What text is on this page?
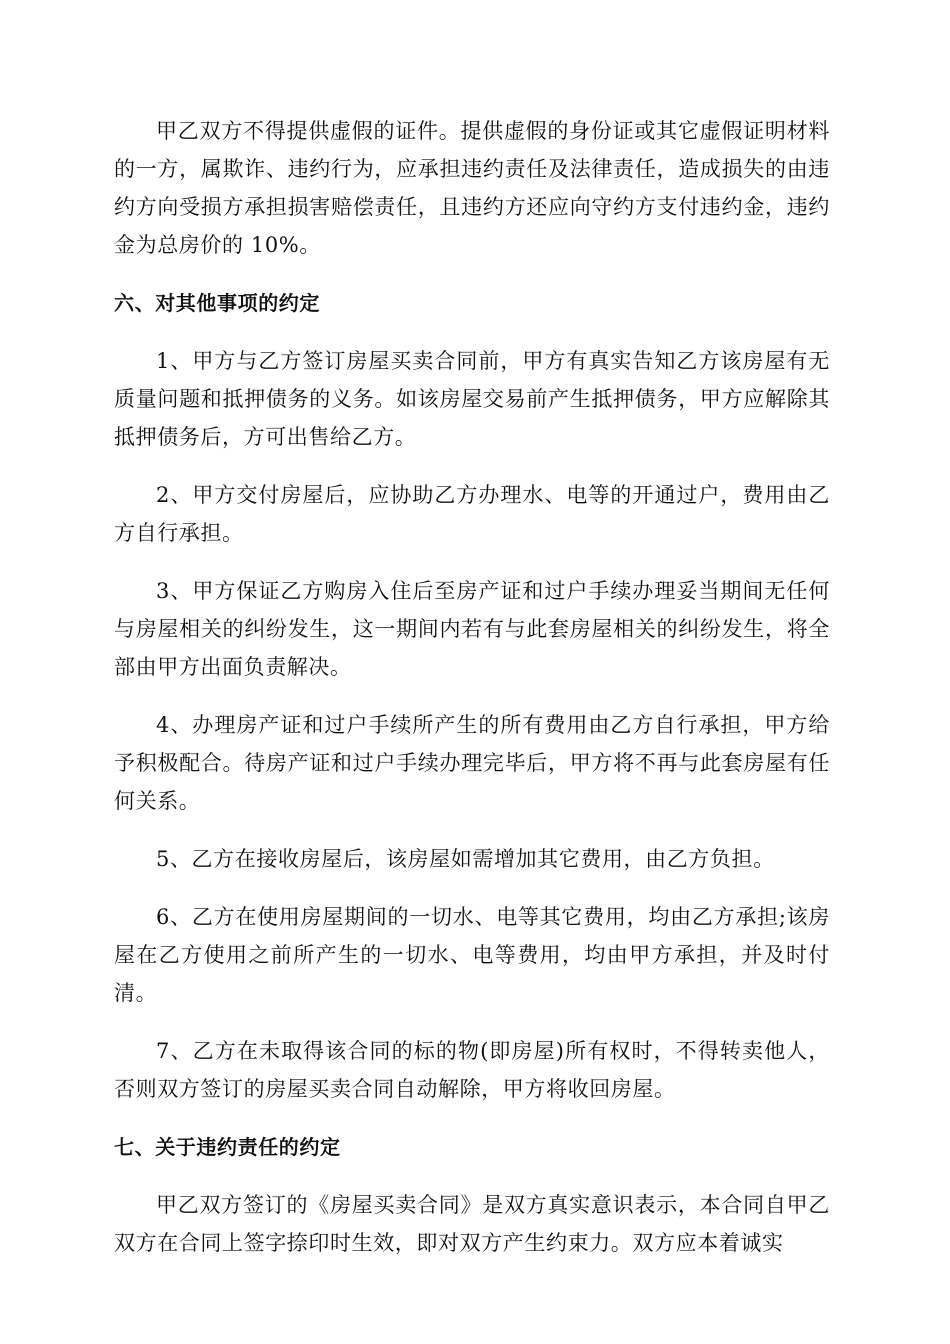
甲乙双方不得提供虚假的证件。提供虚假的身份证或其它虚假证明材料的一方，属欺诈、违约行为，应承担违约责任及法律责任，造成损失的由违约方向受损方承担损害赔偿责任，且违约方还应向守约方支付违约金，违约金为总房价的 10%。

六、对其他事项的约定

1、甲方与乙方签订房屋买卖合同前，甲方有真实告知乙方该房屋有无质量问题和抵押债务的义务。如该房屋交易前产生抵押债务，甲方应解除其抵押债务后，方可出售给乙方。

2、甲方交付房屋后，应协助乙方办理水、电等的开通过户，费用由乙方自行承担。

3、甲方保证乙方购房入住后至房产证和过户手续办理妥当期间无任何与房屋相关的纠纷发生，这一期间内若有与此套房屋相关的纠纷发生，将全部由甲方出面负责解决。

4、办理房产证和过户手续所产生的所有费用由乙方自行承担，甲方给予积极配合。待房产证和过户手续办理完毕后，甲方将不再与此套房屋有任何关系。

5、乙方在接收房屋后，该房屋如需增加其它费用，由乙方负担。

6、乙方在使用房屋期间的一切水、电等其它费用，均由乙方承担;该房屋在乙方使用之前所产生的一切水、电等费用，均由甲方承担，并及时付清。

7、乙方在未取得该合同的标的物(即房屋)所有权时，不得转卖他人，否则双方签订的房屋买卖合同自动解除，甲方将收回房屋。

七、关于违约责任的约定

甲乙双方签订的《房屋买卖合同》是双方真实意识表示，本合同自甲乙双方在合同上签字捺印时生效，即对双方产生约束力。双方应本着诚实
